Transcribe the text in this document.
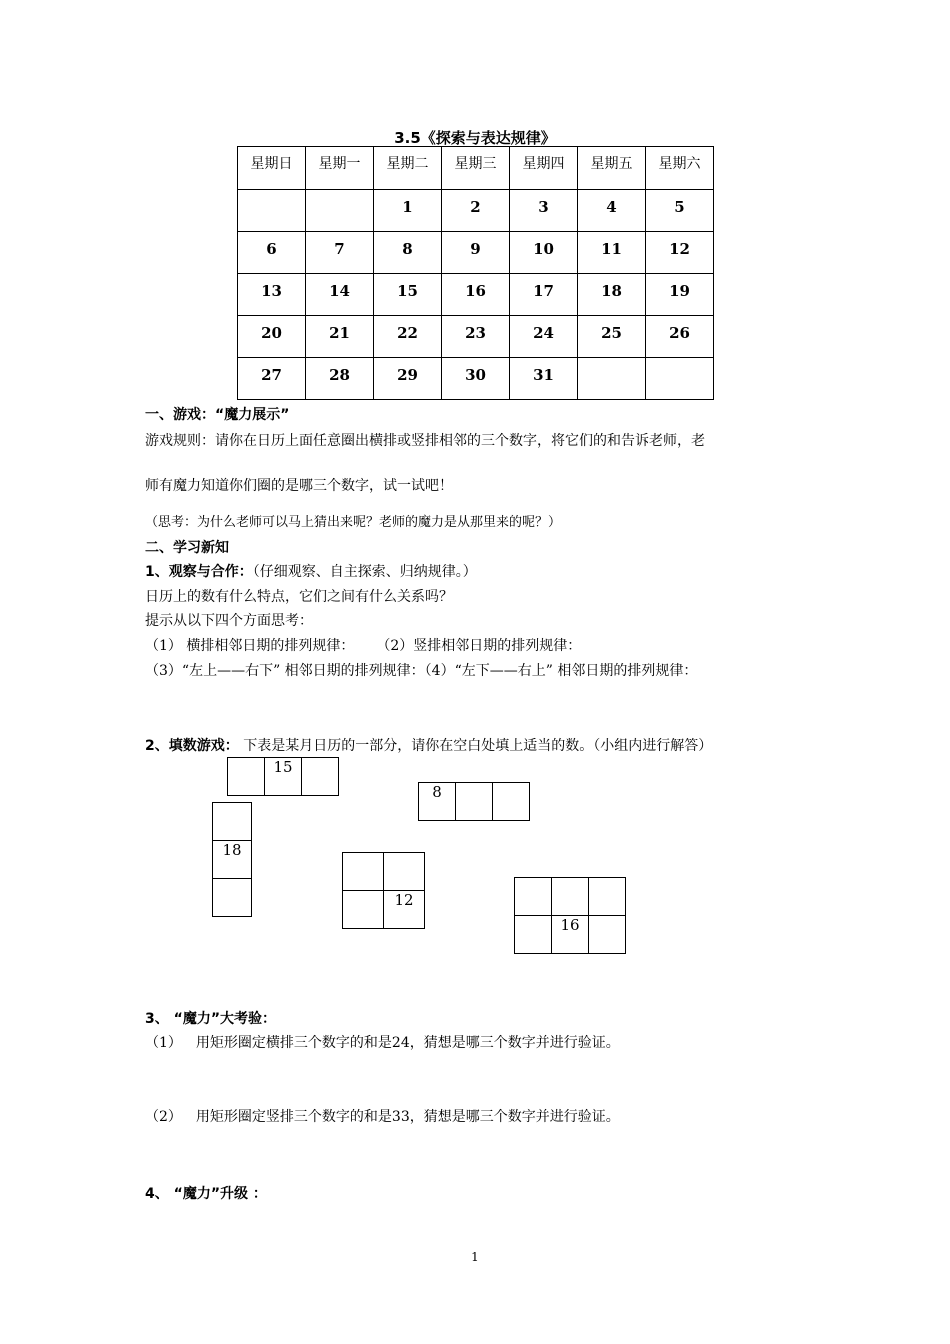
3.5《探索与表达规律》
星期日	星期一	星期二	星期三	星期四	星期五	星期六
		1	2	3	4	5
6	7	8	9	10	11	12
13	14	15	16	17	18	19
20	21	22	23	24	25	26
27	28	29	30	31		
一、游戏：“魔力展示”
游戏规则：请你在日历上面任意圈出横排或竖排相邻的三个数字，将它们的和告诉老师，老
师有魔力知道你们圈的是哪三个数字，试一试吧！
（思考：为什么老师可以马上猜出来呢？老师的魔力是从那里来的呢？）
二、学习新知
1、观察与合作：（仔细观察、自主探索、归纳规律。）
日历上的数有什么特点，它们之间有什么关系吗？
提示从以下四个方面思考：
（1） 横排相邻日期的排列规律： （2）竖排相邻日期的排列规律：
（3）“左上——右下” 相邻日期的排列规律：（4）“左下——右上” 相邻日期的排列规律：
2、填数游戏： 下表是某月日历的一部分，请你在空白处填上适当的数。（小组内进行解答）
	15	
8		

18

	12

	16	
3、 “魔力”大考验：
（1） 用矩形圈定横排三个数字的和是24，猜想是哪三个数字并进行验证。
（2） 用矩形圈定竖排三个数字的和是33，猜想是哪三个数字并进行验证。
4、 “魔力”升级 ：
1
